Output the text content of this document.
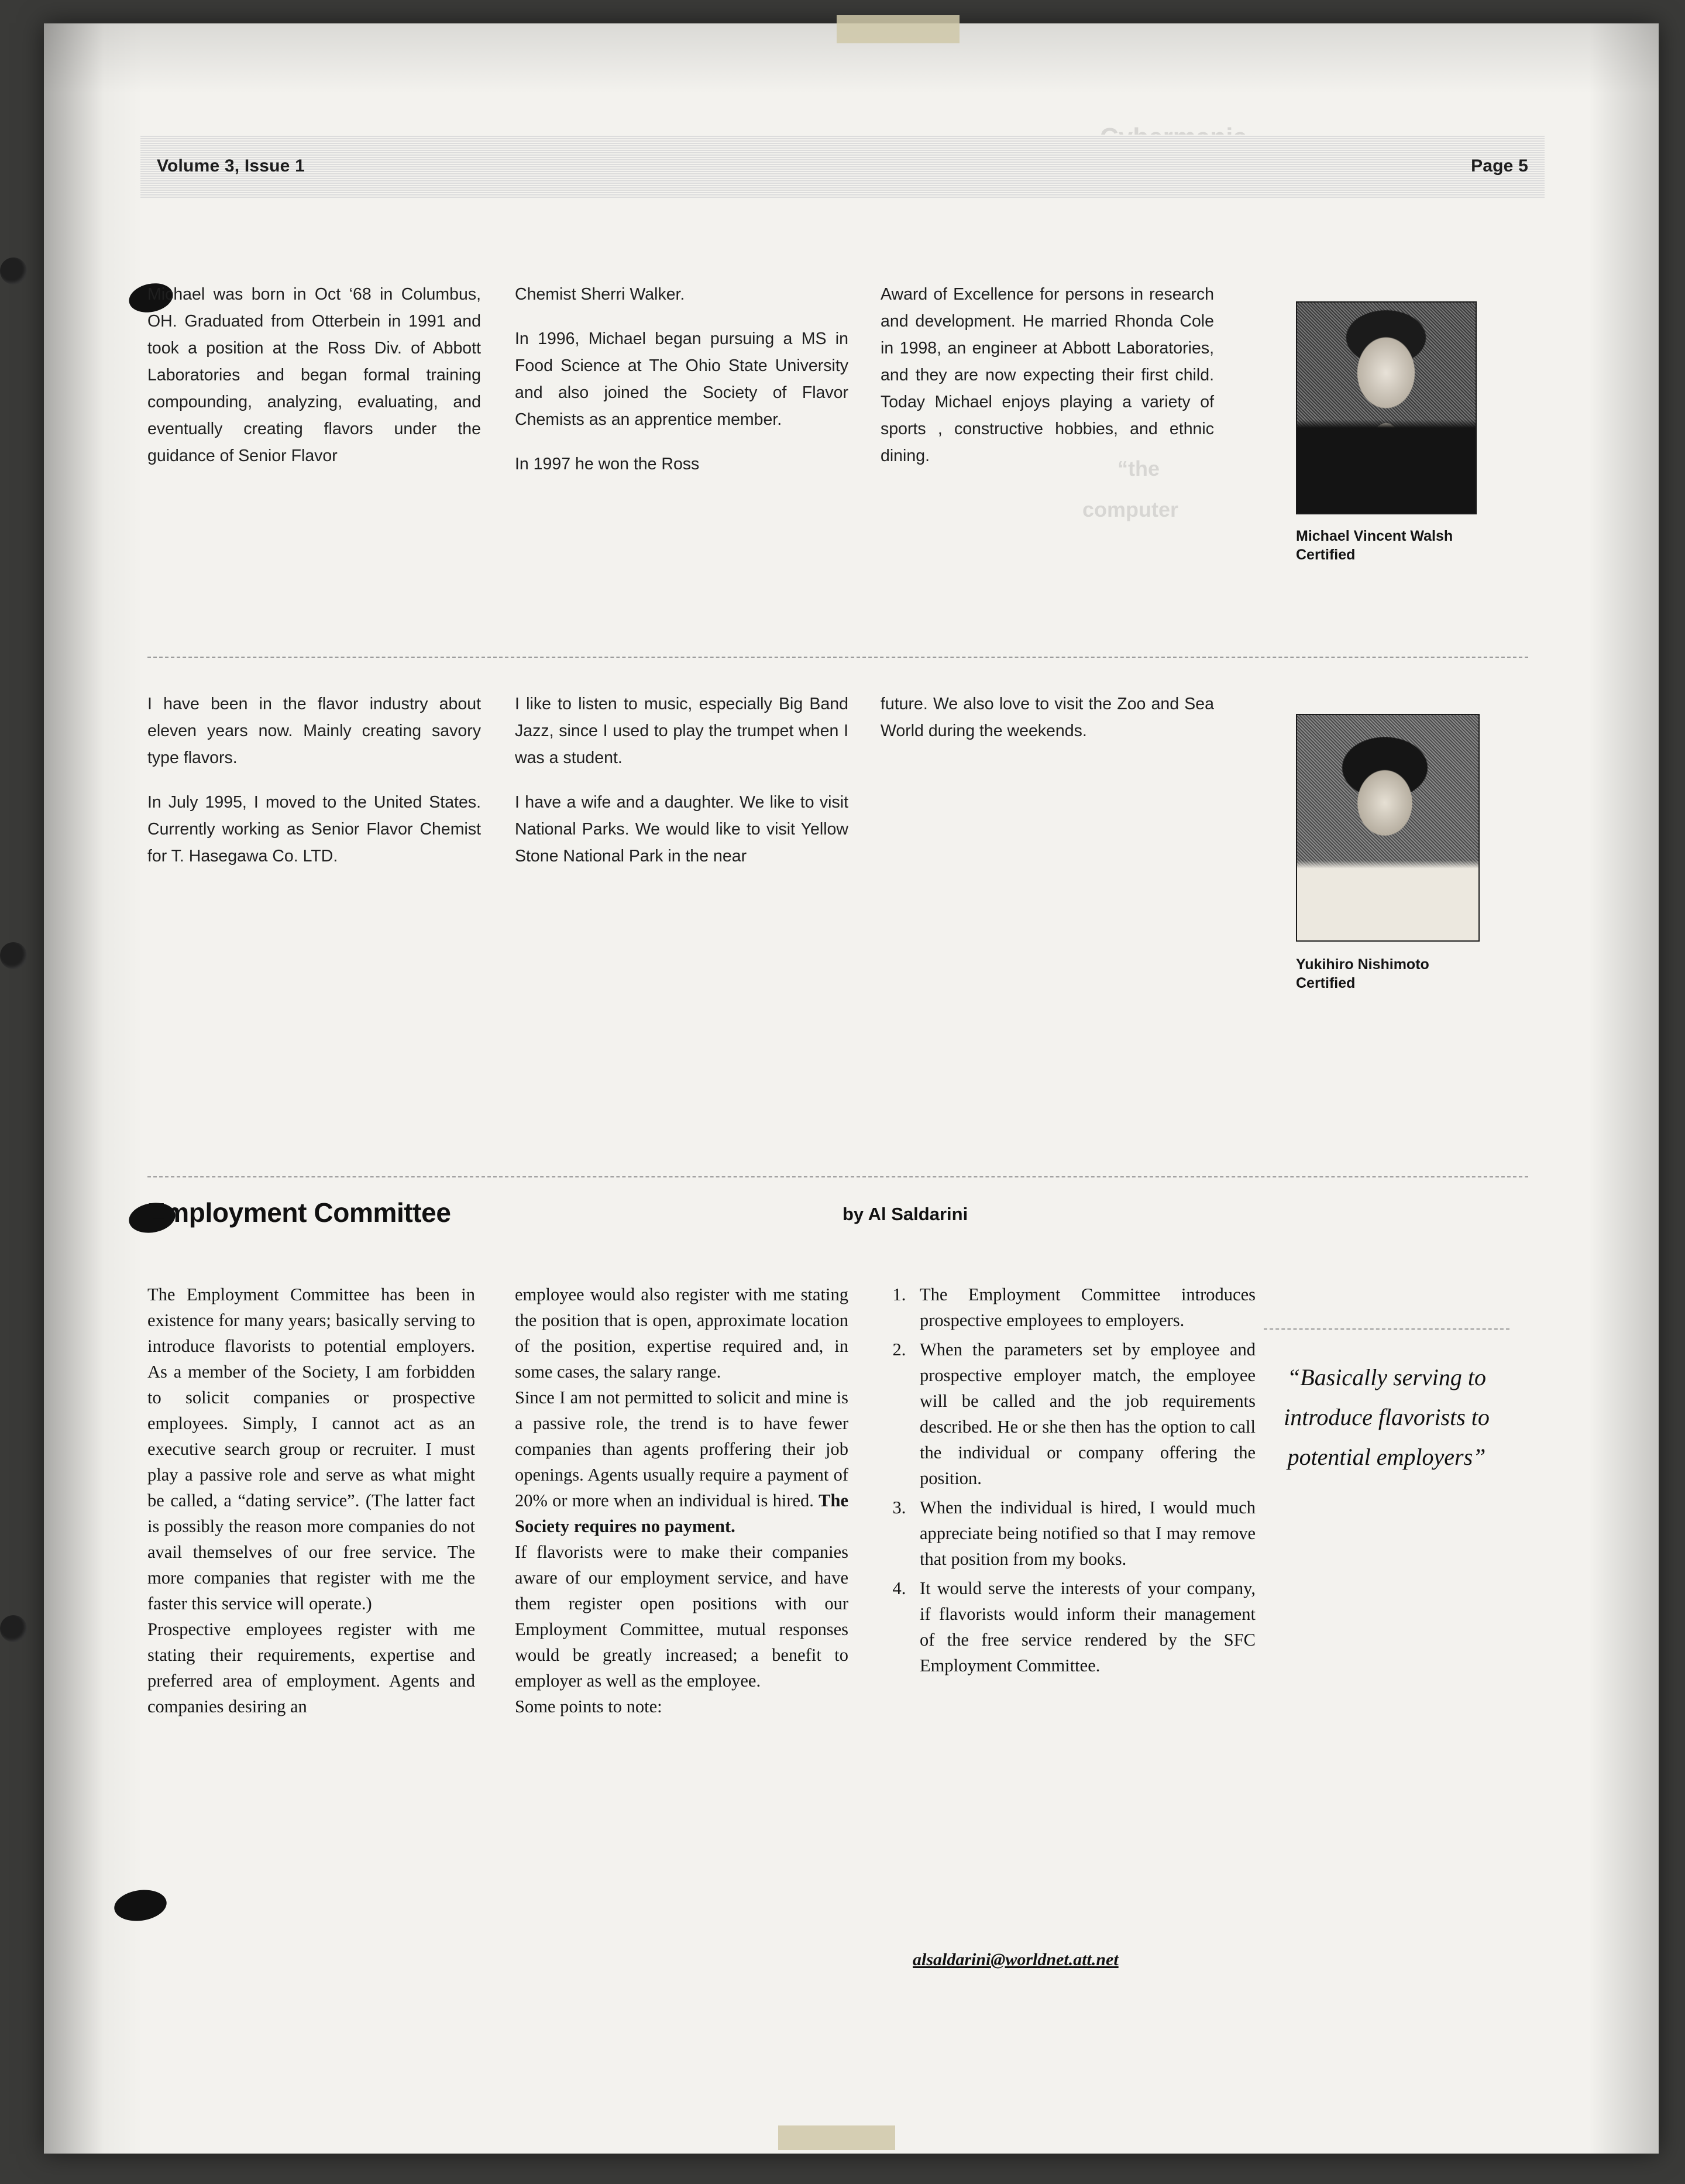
computer
“the
Volume 3, Issue 1	Page 5

Michael was born in Oct ‘68 in Columbus, OH. Graduated from Otterbein in 1991 and took a position at the Ross Div. of Abbott Laboratories and began formal training compounding, analyzing, evaluating, and eventually creating flavors under the guidance of Senior Flavor

Chemist Sherri Walker.

In 1996, Michael began pursuing a MS in Food Science at The Ohio State University and also joined the Society of Flavor Chemists as an apprentice member.

In 1997 he won the Ross

Award of Excellence for persons in research and development. He married Rhonda Cole in 1998, an engineer at Abbott Laboratories, and they are now expecting their first child. Today Michael enjoys playing a variety of sports , constructive hobbies, and ethnic dining.

Michael Vincent Walsh
Certified

I have been in the flavor industry about eleven years now. Mainly creating savory type flavors.

In July 1995, I moved to the United States. Currently working as Senior Flavor Chemist for T. Hasegawa Co. LTD.

I like to listen to music, especially Big Band Jazz, since I used to play the trumpet when I was a student.

I have a wife and a daughter. We like to visit National Parks. We would like to visit Yellow Stone National Park in the near

future. We also love to visit the Zoo and Sea World during the weekends.

Yukihiro Nishimoto
Certified
Employment Committee	by Al Saldarini

The Employment Committee has been in existence for many years; basically serving to introduce flavorists to potential employers. As a member of the Society, I am forbidden to solicit companies or prospective employees. Simply, I cannot act as an executive search group or recruiter. I must play a passive role and serve as what might be called, a “dating service”. (The latter fact is possibly the reason more companies do not avail themselves of our free service. The more companies that register with me the faster this service will operate.)

Prospective employees register with me stating their requirements, expertise and preferred area of employment. Agents and companies desiring an

employee would also register with me stating the position that is open, approximate location of the position, expertise required and, in some cases, the salary range.

Since I am not permitted to solicit and mine is a passive role, the trend is to have fewer companies than agents proffering their job openings. Agents usually require a payment of 20% or more when an individual is hired. The Society requires no payment.

If flavorists were to make their companies aware of our employment service, and have them register open positions with our Employment Committee, mutual responses would be greatly increased; a benefit to employer as well as the employee.

Some points to note:

1. The Employment Committee introduces prospective employees to employers.
2. When the parameters set by employee and prospective employer match, the employee will be called and the job requirements described. He or she then has the option to call the individual or company offering the position.
3. When the individual is hired, I would much appreciate being notified so that I may remove that position from my books.
4. It would serve the interests of your company, if flavorists would inform their management of the free service rendered by the SFC Employment Committee.
alsaldarini@worldnet.att.net
“Basically serving to introduce flavorists to potential employers”
